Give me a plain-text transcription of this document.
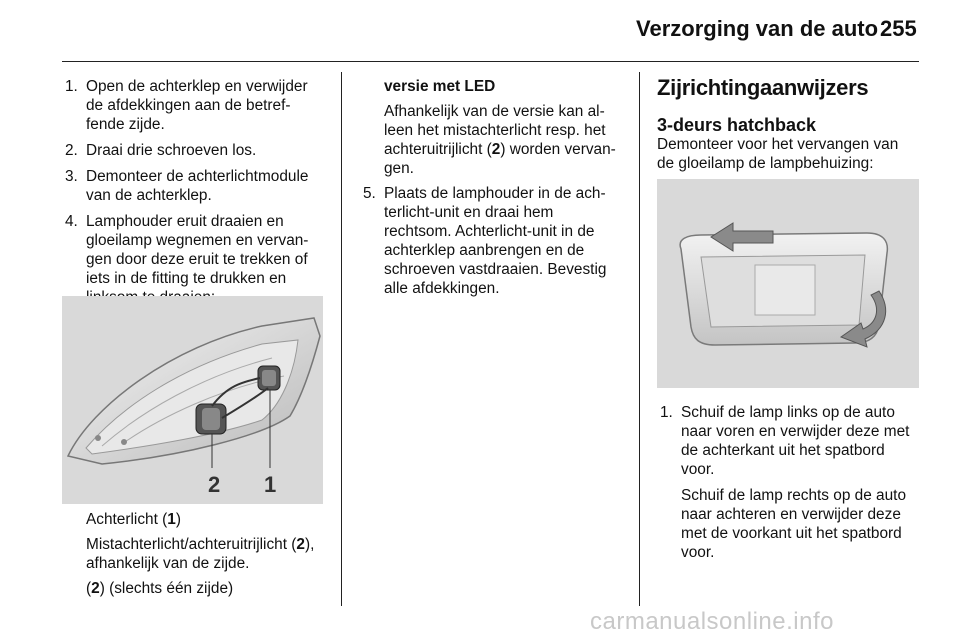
Verzorging van de auto 255
1. Open de achterklep en verwijder
de afdekkingen aan de betref-
fende zijde.
2. Draai drie schroeven los.
3. Demonteer de achterlichtmodule
van de achterklep.
4. Lamphouder eruit draaien en
gloeilamp wegnemen en vervan-
gen door deze eruit te trekken of
iets in de fitting te drukken en
2 1

Achterlicht (1)

Mistachterlicht/achteruitrijlicht (2),

afhankelijk van de zijde.

(2) (slechts één zijde)

versie met LED

Afhankelijk van de versie kan al-
leen het mistachterlicht resp. het
achteruitrijlicht (2) worden vervan-
gen.
5. Plaats de lamphouder in de ach-
terlicht-unit en draai hem
rechtsom. Achterlicht-unit in de
achterklep aanbrengen en de
schroeven vastdraaien. Bevestig
alle afdekkingen.
Zijrichtingaanwijzers
3-deurs hatchback
Demonteer voor het vervangen van
de gloeilamp de lampbehuizing:
1. Schuif de lamp links op de auto
naar voren en verwijder deze met
de achterkant uit het spatbord
voor.
Schuif de lamp rechts op de auto
naar achteren en verwijder deze
met de voorkant uit het spatbord
voor.
carmanualsonline.info
